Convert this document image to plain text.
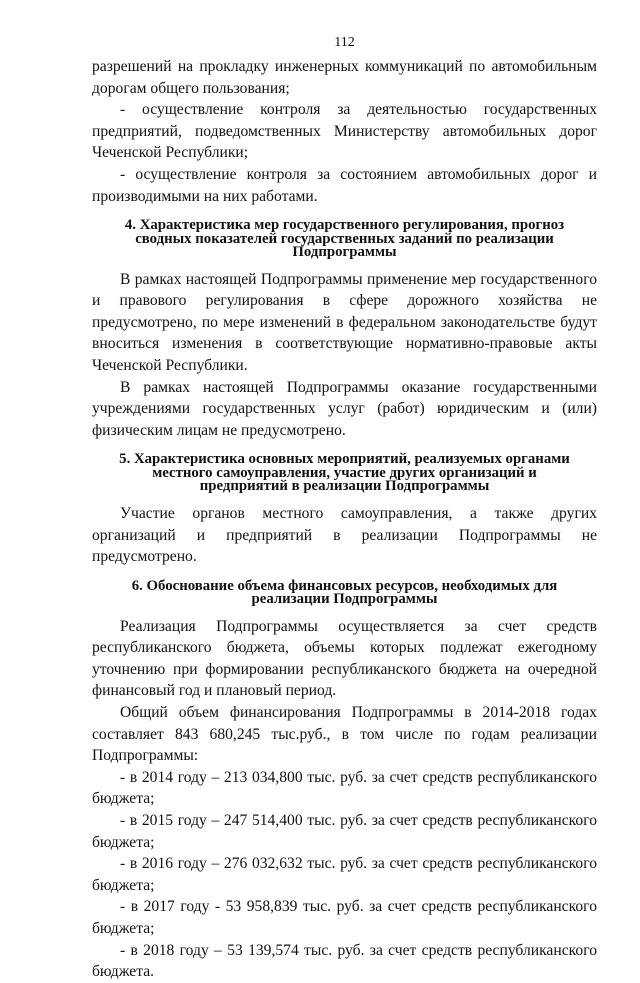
112

разрешений на прокладку инженерных коммуникаций по автомобильным дорогам общего пользования;

- осуществление контроля за деятельностью государственных предприятий, подведомственных Министерству автомобильных дорог Чеченской Республики;
- осуществление контроля за состоянием автомобильных дорог и производимыми на них работами.
4. Характеристика мер государственного регулирования, прогноз сводных показателей государственных заданий по реализации Подпрограммы

В рамках настоящей Подпрограммы применение мер государственного и правового регулирования в сфере дорожного хозяйства не предусмотрено, по мере изменений в федеральном законодательстве будут вноситься изменения в соответствующие нормативно-правовые акты Чеченской Республики.

В рамках настоящей Подпрограммы оказание государственными учреждениями государственных услуг (работ) юридическим и (или) физическим лицам не предусмотрено.

5. Характеристика основных мероприятий, реализуемых органами местного самоуправления, участие других организаций и предприятий в реализации Подпрограммы

Участие органов местного самоуправления, а также других организаций и предприятий в реализации Подпрограммы не предусмотрено.

6. Обоснование объема финансовых ресурсов, необходимых для реализации Подпрограммы

Реализация Подпрограммы осуществляется за счет средств республиканского бюджета, объемы которых подлежат ежегодному уточнению при формировании республиканского бюджета на очередной финансовый год и плановый период.

Общий объем финансирования Подпрограммы в 2014-2018 годах составляет 843 680,245 тыс.руб., в том числе по годам реализации Подпрограммы:

- в 2014 году – 213 034,800 тыс. руб. за счет средств республиканского бюджета;
- в 2015 году – 247 514,400 тыс. руб. за счет средств республиканского бюджета;
- в 2016 году – 276 032,632 тыс. руб. за счет средств республиканского бюджета;
- в 2017 году - 53 958,839 тыс. руб. за счет средств республиканского бюджета;
- в 2018 году – 53 139,574 тыс. руб. за счет средств республиканского бюджета.
